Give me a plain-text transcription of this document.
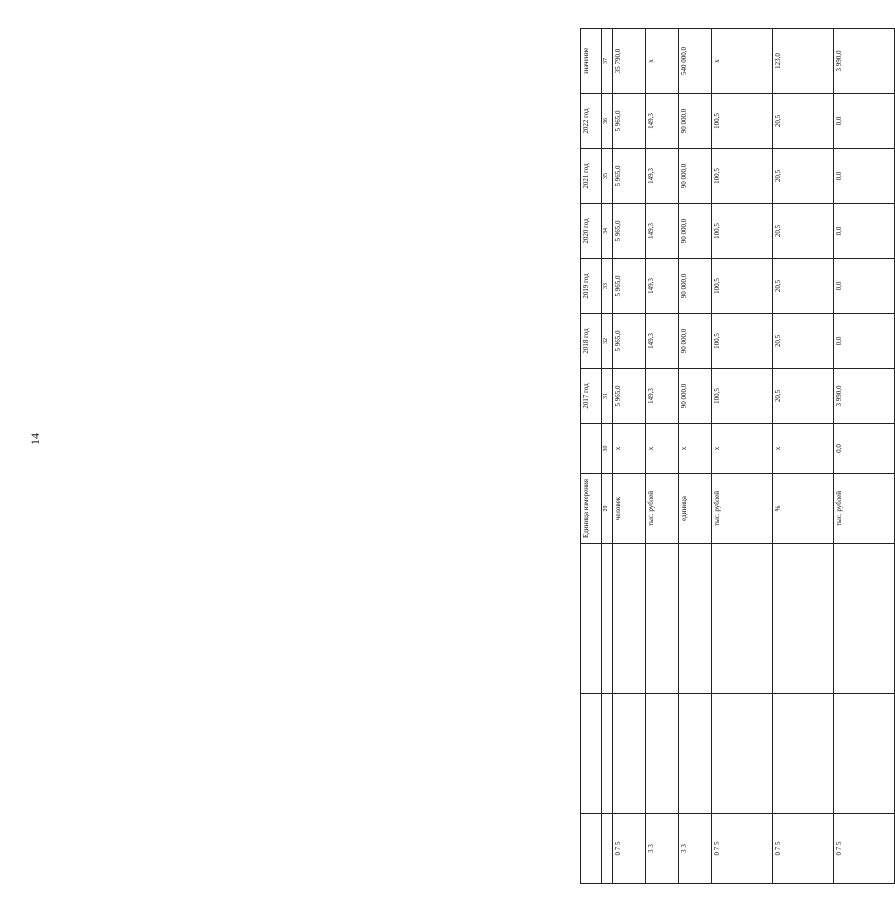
14
			Единица измерения		2017 год	2018 год	2019 год	2020 год	2021 год	2022 год	значение
			29	30	31	32	33	34	35	36	37
0 7 5			человек	x	5 965,0	5 965,0	5 965,0	5 965,0	5 965,0	5 965,0	35 790,0
3 3			тыс. рублей	x	149,3	149,3	149,3	149,3	149,3	149,3	x
3 3			единица	x	90 000,0	90 000,0	90 000,0	90 000,0	90 000,0	90 000,0	540 000,0
0 7 5			тыс. рублей	x	100,5	100,5	100,5	100,5	100,5	100,5	x
0 7 5			%	x	20,5	20,5	20,5	20,5	20,5	20,5	123,0
0 7 5			тыс. рублей	0,0	3 990,0	0,0	0,0	0,0	0,0	0,0	3 990,0
